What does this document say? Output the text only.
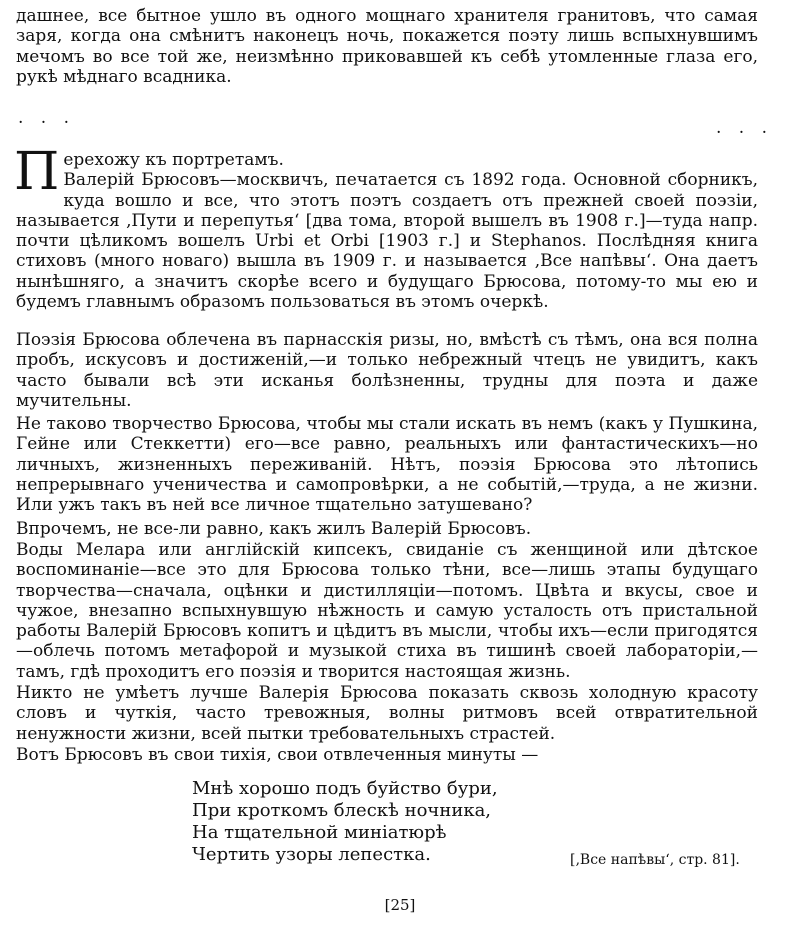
дашнее, все бытное ушло въ одного мощнаго хранителя гранитовъ, что самая заря, когда она смѣнитъ наконецъ ночь, покажется поэту лишь вспыхнувшимъ мечомъ во все той же, неизмѣнно приковавшей къ себѣ утомленные глаза его, рукѣ мѣднаго всадника.

. . .	. . .
П ерехожу къ портретамъ.
Валерій Брюсовъ—москвичъ, печатается съ 1892 года. Основной сборникъ, куда вошло и все, что этотъ поэтъ создаетъ отъ прежней своей поэзіи, называется ‚Пути и перепутья‘ [два тома, второй вышелъ въ 1908 г.]—туда напр. почти цѣликомъ вошелъ Urbi et Orbi [1903 г.] и Stephanos. Послѣдняя книга стиховъ (много новаго) вышла въ 1909 г. и называется ‚Все напѣвы‘. Она даетъ нынѣшняго, а значитъ скорѣе всего и будущаго Брюсова, потому-то мы ею и будемъ главнымъ образомъ пользоваться въ этомъ очеркѣ.

Поэзія Брюсова облечена въ парнасскія ризы, но, вмѣстѣ съ тѣмъ, она вся полна пробъ, искусовъ и достиженій,—и только небрежный чтецъ не увидитъ, какъ часто бывали всѣ эти исканья болѣзненны, трудны для поэта и даже мучительны.

Не таково творчество Брюсова, чтобы мы стали искать въ немъ (какъ у Пушкина, Гейне или Стеккетти) его—все равно, реальныхъ или фантастическихъ—но личныхъ, жизненныхъ переживаній. Нѣтъ, поэзія Брюсова это лѣтопись непрерывнаго ученичества и самопровѣрки, а не событій,—труда, а не жизни. Или ужъ такъ въ ней все личное тщательно затушевано?

Впрочемъ, не все-ли равно, какъ жилъ Валерій Брюсовъ.

Воды Мелара или англійскій кипсекъ, свиданіе съ женщиной или дѣтское воспоминаніе—все это для Брюсова только тѣни, все—лишь этапы будущаго творчества—сначала, оцѣнки и дистилляціи—потомъ. Цвѣта и вкусы, свое и чужое, внезапно вспыхнувшую нѣжность и самую усталость отъ пристальной работы Валерій Брюсовъ копитъ и цѣдитъ въ мысли, чтобы ихъ—если пригодятся—облечь потомъ метафорой и музыкой стиха въ тишинѣ своей лабораторіи,—тамъ, гдѣ проходитъ его поэзія и творится настоящая жизнь.

Никто не умѣетъ лучше Валерія Брюсова показать сквозь холодную красоту словъ и чуткія, часто тревожныя, волны ритмовъ всей отвратительной ненужности жизни, всей пытки требовательныхъ страстей.

Вотъ Брюсовъ въ свои тихія, свои отвлеченныя минуты —

Мнѣ хорошо подъ буйство бури,
При кроткомъ блескѣ ночника,
На тщательной миніатюрѣ
Чертить узоры лепестка.	[‚Все напѣвы‘, стр. 81].
[25]
